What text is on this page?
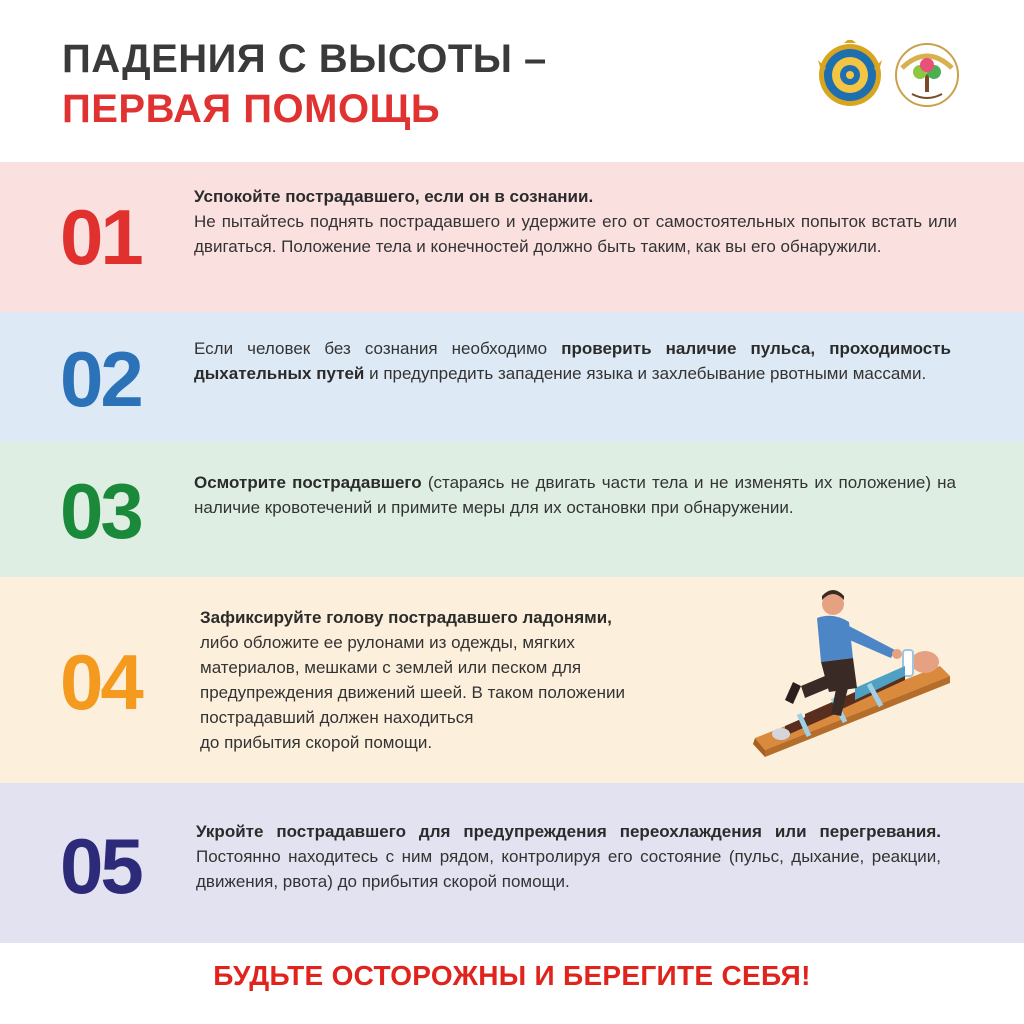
ПАДЕНИЯ С ВЫСОТЫ –
ПЕРВАЯ ПОМОЩЬ
01	Успокойте пострадавшего, если он в сознании.
Не пытайтесь поднять пострадавшего и удержите его от самостоятельных попыток встать или двигаться. Положение тела и конечностей должно быть таким, как вы его обнаружили.

02	Если человек без сознания необходимо проверить наличие пульса, проходимость дыхательных путей и предупредить западение языка и захлебывание рвотными массами.

03	Осмотрите пострадавшего (стараясь не двигать части тела и не изменять их положение) на наличие кровотечений и примите меры для их остановки при обнаружении.

04

Зафиксируйте голову пострадавшего ладонями,
либо обложите ее рулонами из одежды, мягких
материалов, мешками с землей или песком для
предупреждения движений шеей. В таком положении
пострадавший должен находиться
до прибытия скорой помощи.

05	Укройте пострадавшего для предупреждения переохлаждения или перегревания. Постоянно находитесь с ним рядом, контролируя его состояние (пульс, дыхание, реакции, движения, рвота) до прибытия скорой помощи.

БУДЬТЕ ОСТОРОЖНЫ И БЕРЕГИТЕ СЕБЯ!
